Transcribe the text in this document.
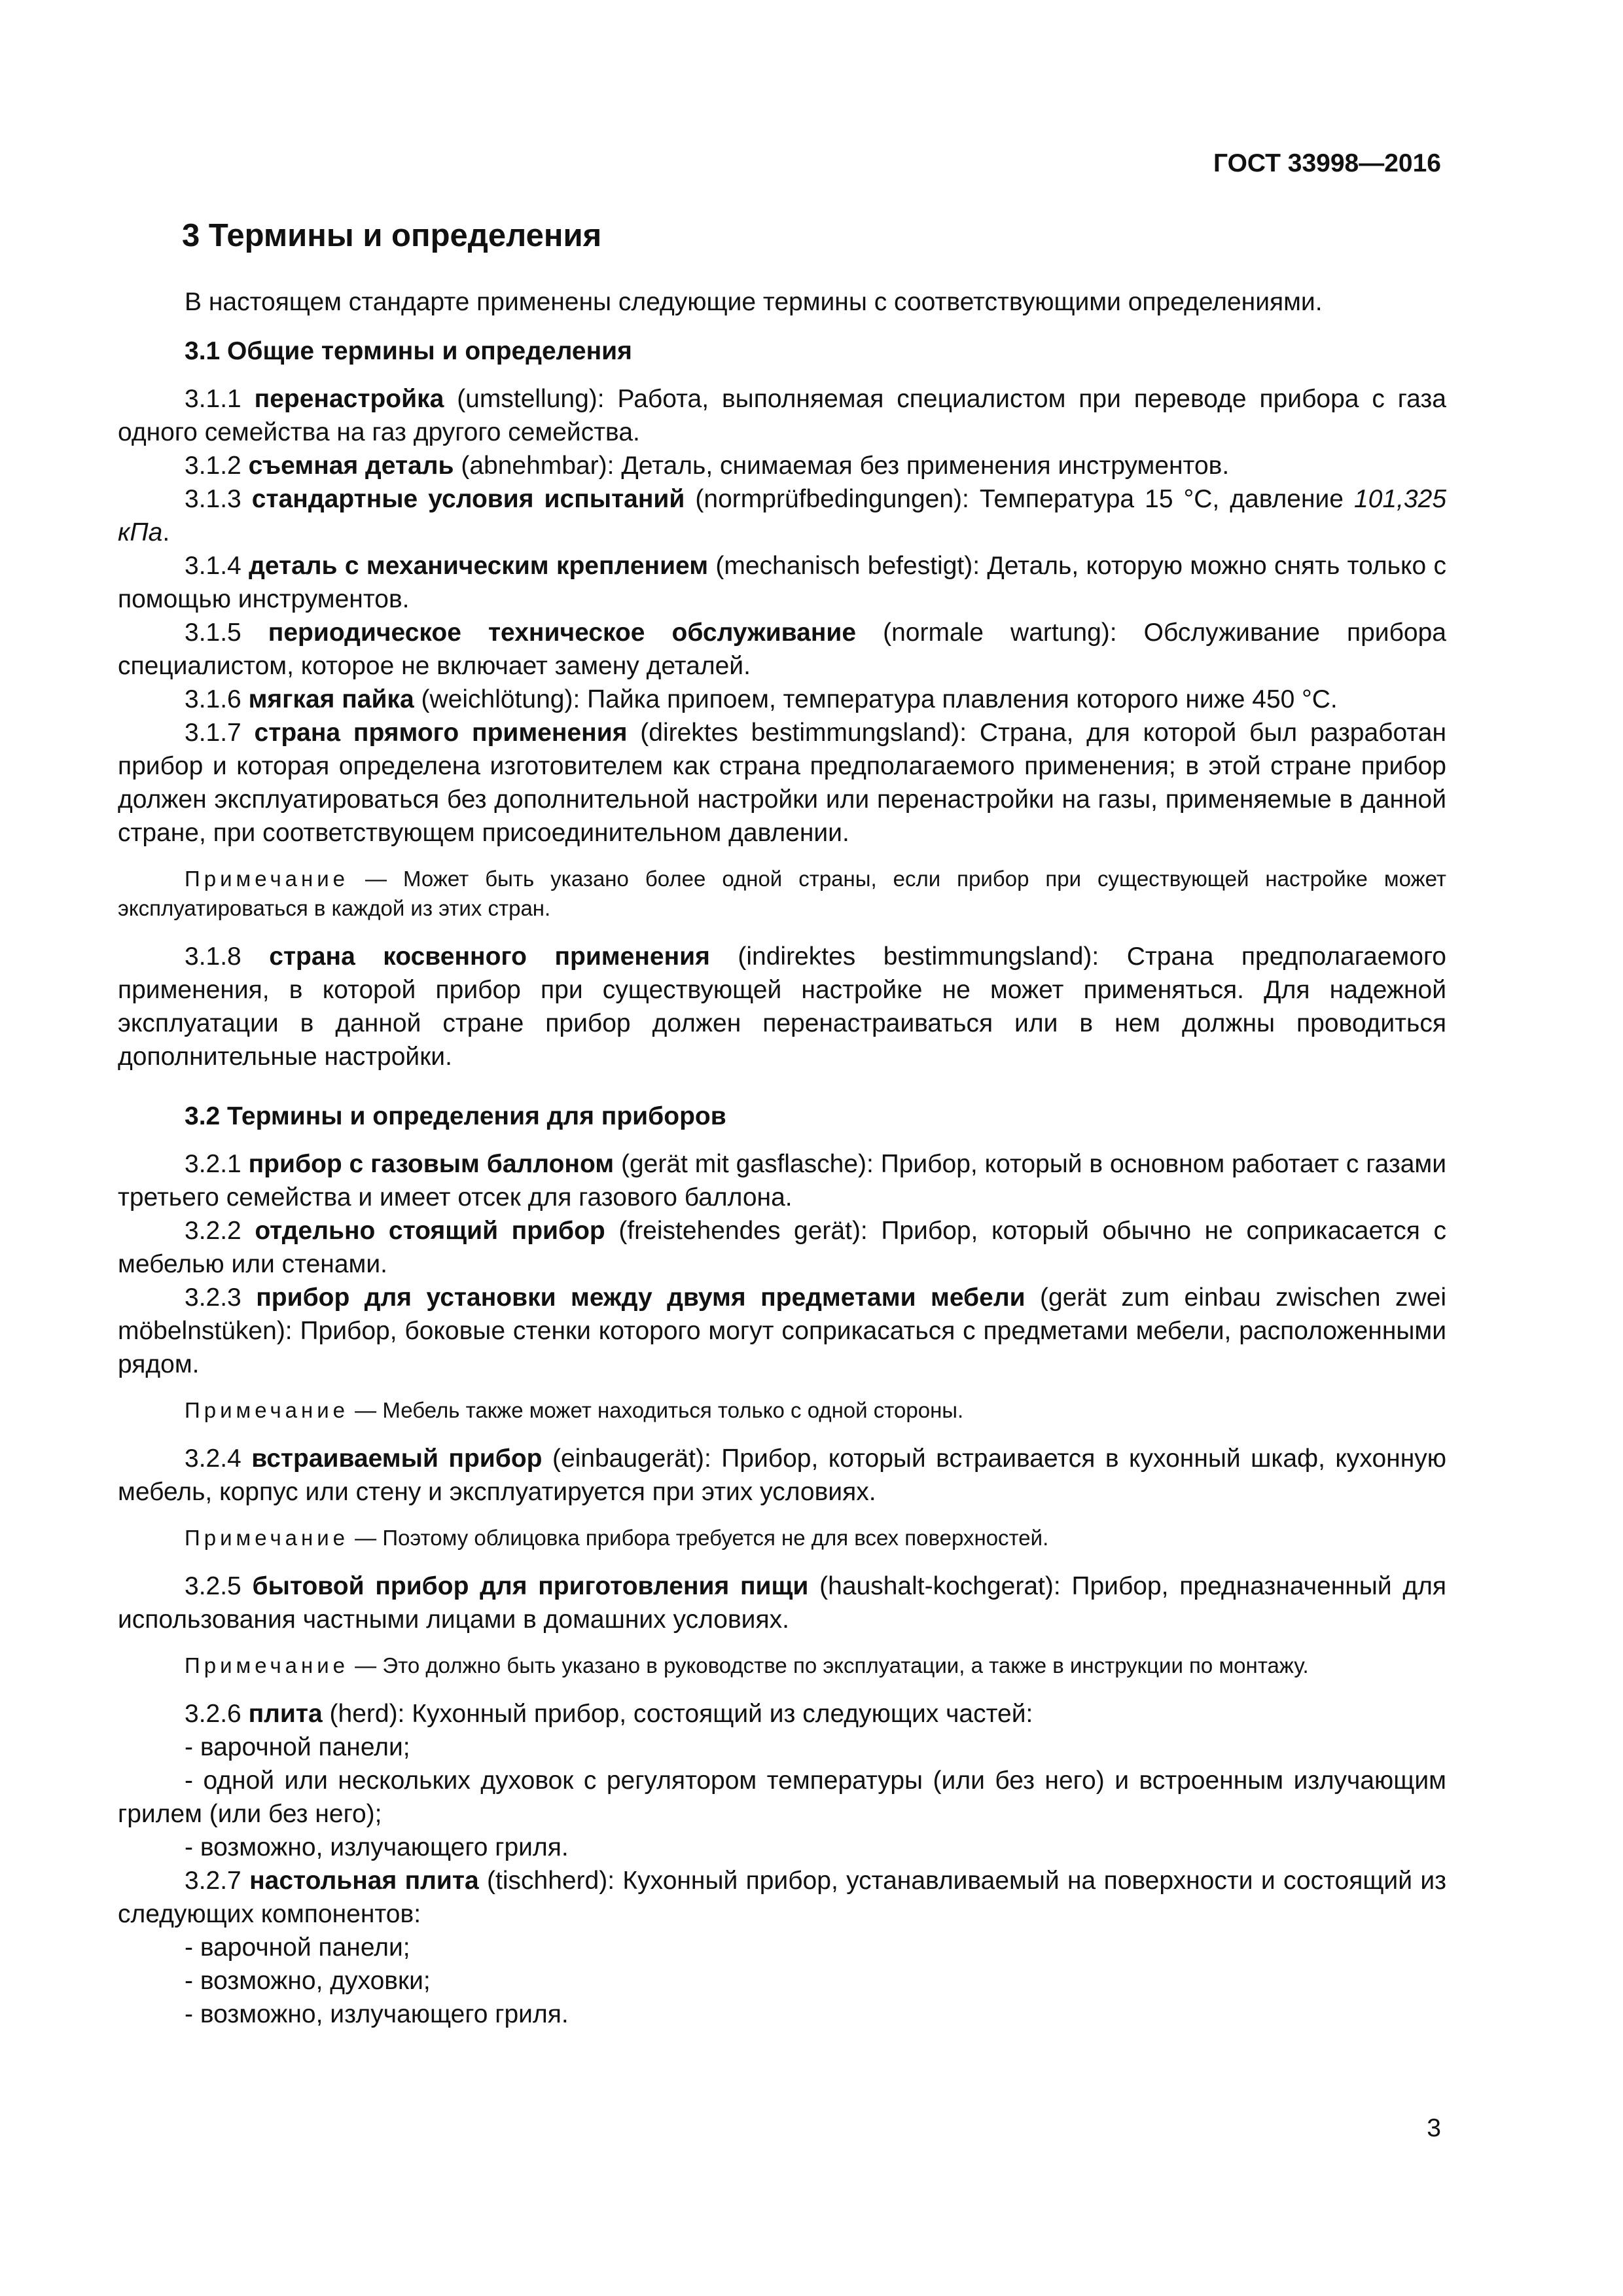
ГОСТ 33998—2016
3 Термины и определения

В настоящем стандарте применены следующие термины с соответствующими определениями.

3.1 Общие термины и определения

3.1.1 перенастройка (umstellung): Работа, выполняемая специалистом при переводе прибора с газа одного семейства на газ другого семейства.

3.1.2 съемная деталь (abnehmbar): Деталь, снимаемая без применения инструментов.

3.1.3 стандартные условия испытаний (normprüfbedingungen): Температура 15 °C, давление 101,325 кПа.

3.1.4 деталь с механическим креплением (mechanisch befestigt): Деталь, которую можно снять только с помощью инструментов.

3.1.5 периодическое техническое обслуживание (normale wartung): Обслуживание прибора специалистом, которое не включает замену деталей.

3.1.6 мягкая пайка (weichlötung): Пайка припоем, температура плавления которого ниже 450 °C.

3.1.7 страна прямого применения (direktes bestimmungsland): Страна, для которой был разработан прибор и которая определена изготовителем как страна предполагаемого применения; в этой стране прибор должен эксплуатироваться без дополнительной настройки или перенастройки на газы, применяемые в данной стране, при соответствующем присоединительном давлении.

Примечание — Может быть указано более одной страны, если прибор при существующей настройке может эксплуатироваться в каждой из этих стран.

3.1.8 страна косвенного применения (indirektes bestimmungsland): Страна предполагаемого применения, в которой прибор при существующей настройке не может применяться. Для надежной эксплуатации в данной стране прибор должен перенастраиваться или в нем должны проводиться дополнительные настройки.

3.2 Термины и определения для приборов

3.2.1 прибор с газовым баллоном (gerät mit gasflasche): Прибор, который в основном работает с газами третьего семейства и имеет отсек для газового баллона.

3.2.2 отдельно стоящий прибор (freistehendes gerät): Прибор, который обычно не соприкасается с мебелью или стенами.

3.2.3 прибор для установки между двумя предметами мебели (gerät zum einbau zwischen zwei möbelnstüken): Прибор, боковые стенки которого могут соприкасаться с предметами мебели, расположенными рядом.

Примечание — Мебель также может находиться только с одной стороны.

3.2.4 встраиваемый прибор (einbaugerät): Прибор, который встраивается в кухонный шкаф, кухонную мебель, корпус или стену и эксплуатируется при этих условиях.

Примечание — Поэтому облицовка прибора требуется не для всех поверхностей.

3.2.5 бытовой прибор для приготовления пищи (haushalt-kochgerat): Прибор, предназначенный для использования частными лицами в домашних условиях.

Примечание — Это должно быть указано в руководстве по эксплуатации, а также в инструкции по монтажу.

3.2.6 плита (herd): Кухонный прибор, состоящий из следующих частей:

- варочной панели;

- одной или нескольких духовок с регулятором температуры (или без него) и встроенным излучающим грилем (или без него);

- возможно, излучающего гриля.

3.2.7 настольная плита (tischherd): Кухонный прибор, устанавливаемый на поверхности и состоящий из следующих компонентов:

- варочной панели;

- возможно, духовки;

- возможно, излучающего гриля.

3
